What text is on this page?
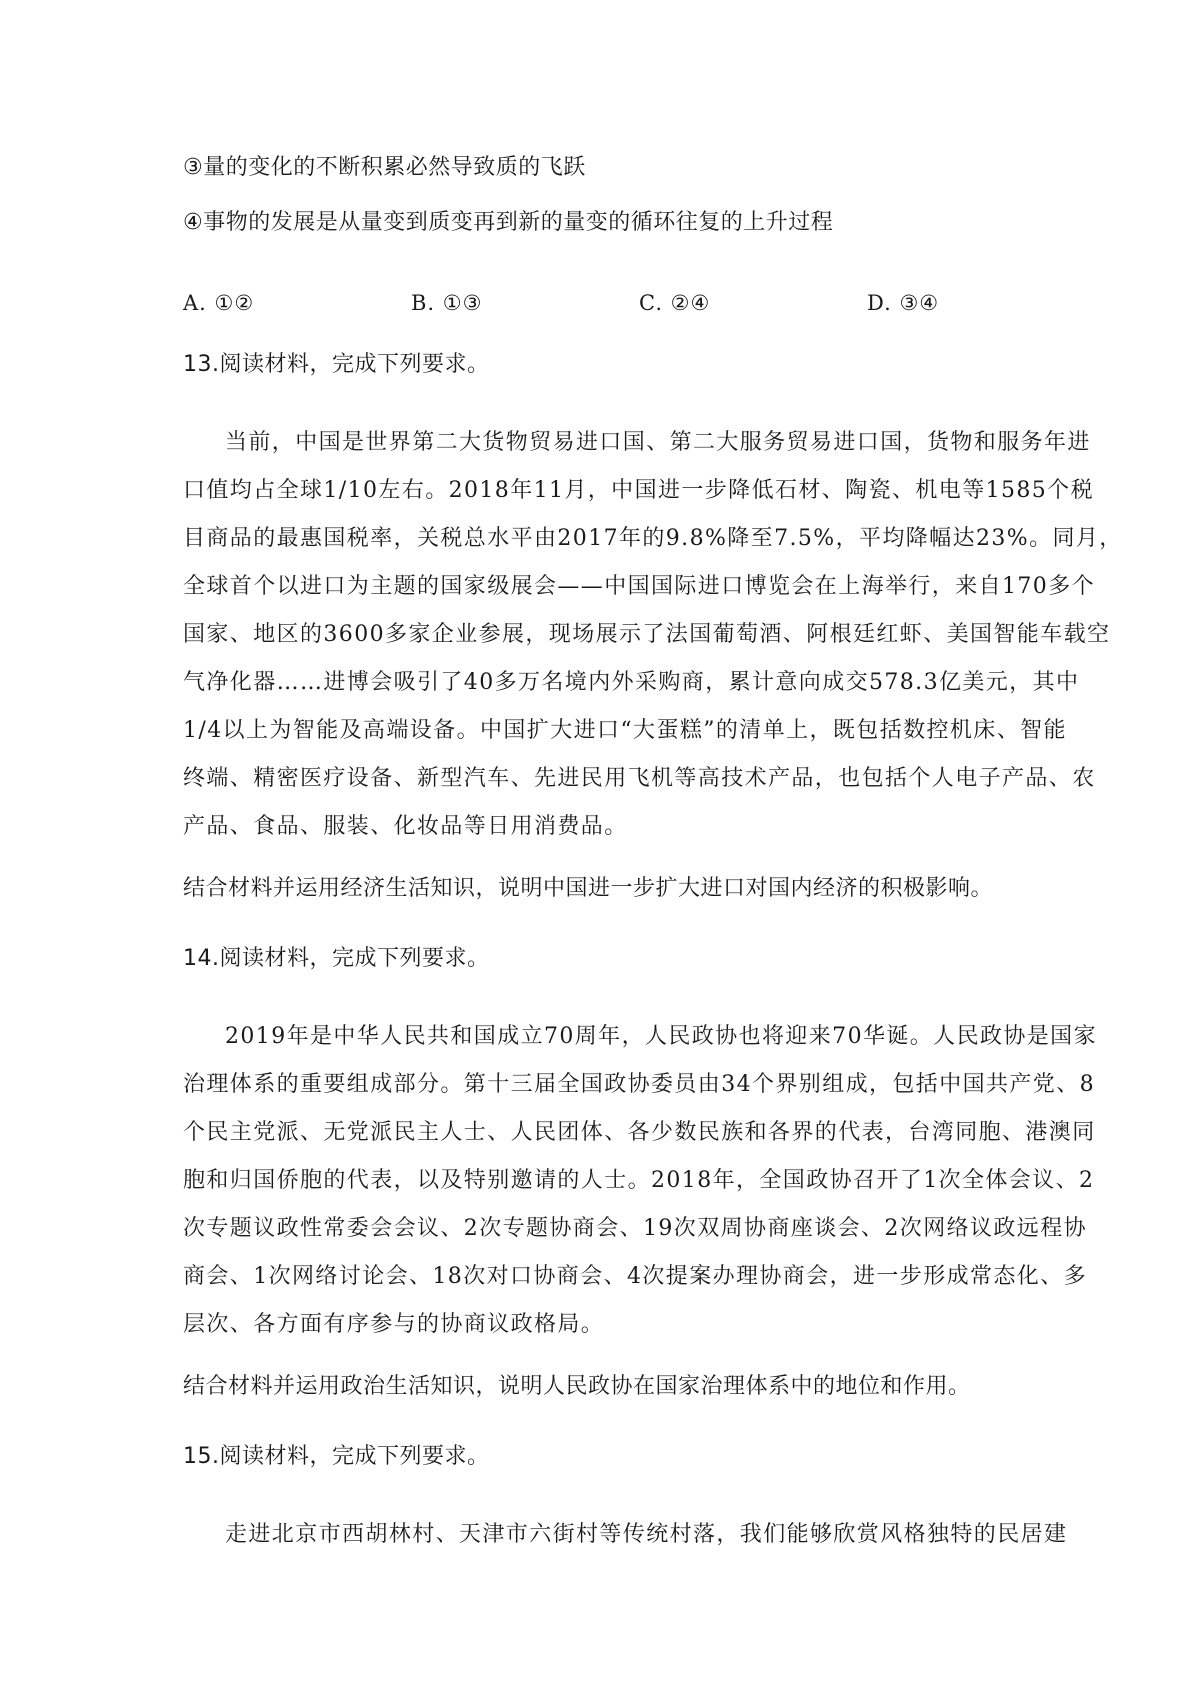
③量的变化的不断积累必然导致质的飞跃
④事物的发展是从量变到质变再到新的量变的循环往复的上升过程
A. ①②	B. ①③	C. ②④	D. ③④
13.阅读材料，完成下列要求。
当前，中国是世界第二大货物贸易进口国、第二大服务贸易进口国，货物和服务年进
口值均占全球1/10左右。2018年11月，中国进一步降低石材、陶瓷、机电等1585个税
目商品的最惠国税率，关税总水平由2017年的9.8%降至7.5%，平均降幅达23%。同月，
全球首个以进口为主题的国家级展会——中国国际进口博览会在上海举行，来自170多个
国家、地区的3600多家企业参展，现场展示了法国葡萄酒、阿根廷红虾、美国智能车载空
气净化器……进博会吸引了40多万名境内外采购商，累计意向成交578.3亿美元，其中
1/4以上为智能及高端设备。中国扩大进口“大蛋糕”的清单上，既包括数控机床、智能
终端、精密医疗设备、新型汽车、先进民用飞机等高技术产品，也包括个人电子产品、农
产品、食品、服装、化妆品等日用消费品。
结合材料并运用经济生活知识，说明中国进一步扩大进口对国内经济的积极影响。
14.阅读材料，完成下列要求。
2019年是中华人民共和国成立70周年，人民政协也将迎来70华诞。人民政协是国家
治理体系的重要组成部分。第十三届全国政协委员由34个界别组成，包括中国共产党、8
个民主党派、无党派民主人士、人民团体、各少数民族和各界的代表，台湾同胞、港澳同
胞和归国侨胞的代表，以及特别邀请的人士。2018年，全国政协召开了1次全体会议、2
次专题议政性常委会会议、2次专题协商会、19次双周协商座谈会、2次网络议政远程协
商会、1次网络讨论会、18次对口协商会、4次提案办理协商会，进一步形成常态化、多
层次、各方面有序参与的协商议政格局。
结合材料并运用政治生活知识，说明人民政协在国家治理体系中的地位和作用。
15.阅读材料，完成下列要求。
走进北京市西胡林村、天津市六街村等传统村落，我们能够欣赏风格独特的民居建
